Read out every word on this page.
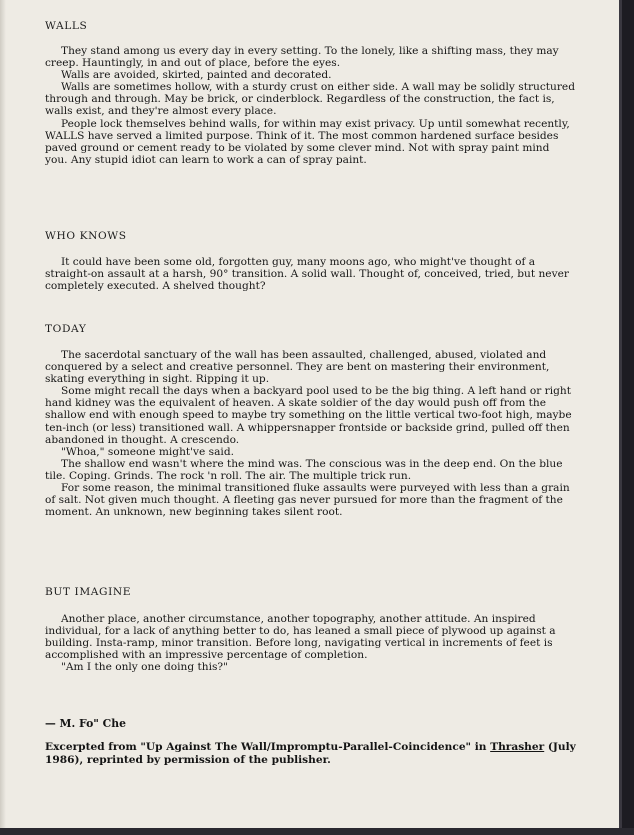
WALLS

They stand among us every day in every setting. To the lonely, like a shifting mass, they may creep. Hauntingly, in and out of place, before the eyes.

Walls are avoided, skirted, painted and decorated.

Walls are sometimes hollow, with a sturdy crust on either side. A wall may be solidly structured through and through. May be brick, or cinderblock. Regardless of the construction, the fact is, walls exist, and they're almost every place.

People lock themselves behind walls, for within may exist privacy. Up until somewhat recently, WALLS have served a limited purpose. Think of it. The most common hardened surface besides paved ground or cement ready to be violated by some clever mind. Not with spray paint mind you. Any stupid idiot can learn to work a can of spray paint.

WHO KNOWS

It could have been some old, forgotten guy, many moons ago, who might've thought of a straight-on assault at a harsh, 90° transition. A solid wall. Thought of, conceived, tried, but never completely executed. A shelved thought?

TODAY

The sacerdotal sanctuary of the wall has been assaulted, challenged, abused, violated and conquered by a select and creative personnel. They are bent on mastering their environment, skating everything in sight. Ripping it up.

Some might recall the days when a backyard pool used to be the big thing. A left hand or right hand kidney was the equivalent of heaven. A skate soldier of the day would push off from the shallow end with enough speed to maybe try something on the little vertical two-foot high, maybe ten-inch (or less) transitioned wall. A whippersnapper frontside or backside grind, pulled off then abandoned in thought. A crescendo.

"Whoa," someone might've said.

The shallow end wasn't where the mind was. The conscious was in the deep end. On the blue tile. Coping. Grinds. The rock 'n roll. The air. The multiple trick run.

For some reason, the minimal transitioned fluke assaults were purveyed with less than a grain of salt. Not given much thought. A fleeting gas never pursued for more than the fragment of the moment. An unknown, new beginning takes silent root.

BUT IMAGINE

Another place, another circumstance, another topography, another attitude. An inspired individual, for a lack of anything better to do, has leaned a small piece of plywood up against a building. Insta-ramp, minor transition. Before long, navigating vertical in increments of feet is accomplished with an impressive percentage of completion.

"Am I the only one doing this?"

— M. Fo" Che
Excerpted from "Up Against The Wall/Impromptu-Parallel-Coincidence" in Thrasher (July 1986), reprinted by permission of the publisher.
